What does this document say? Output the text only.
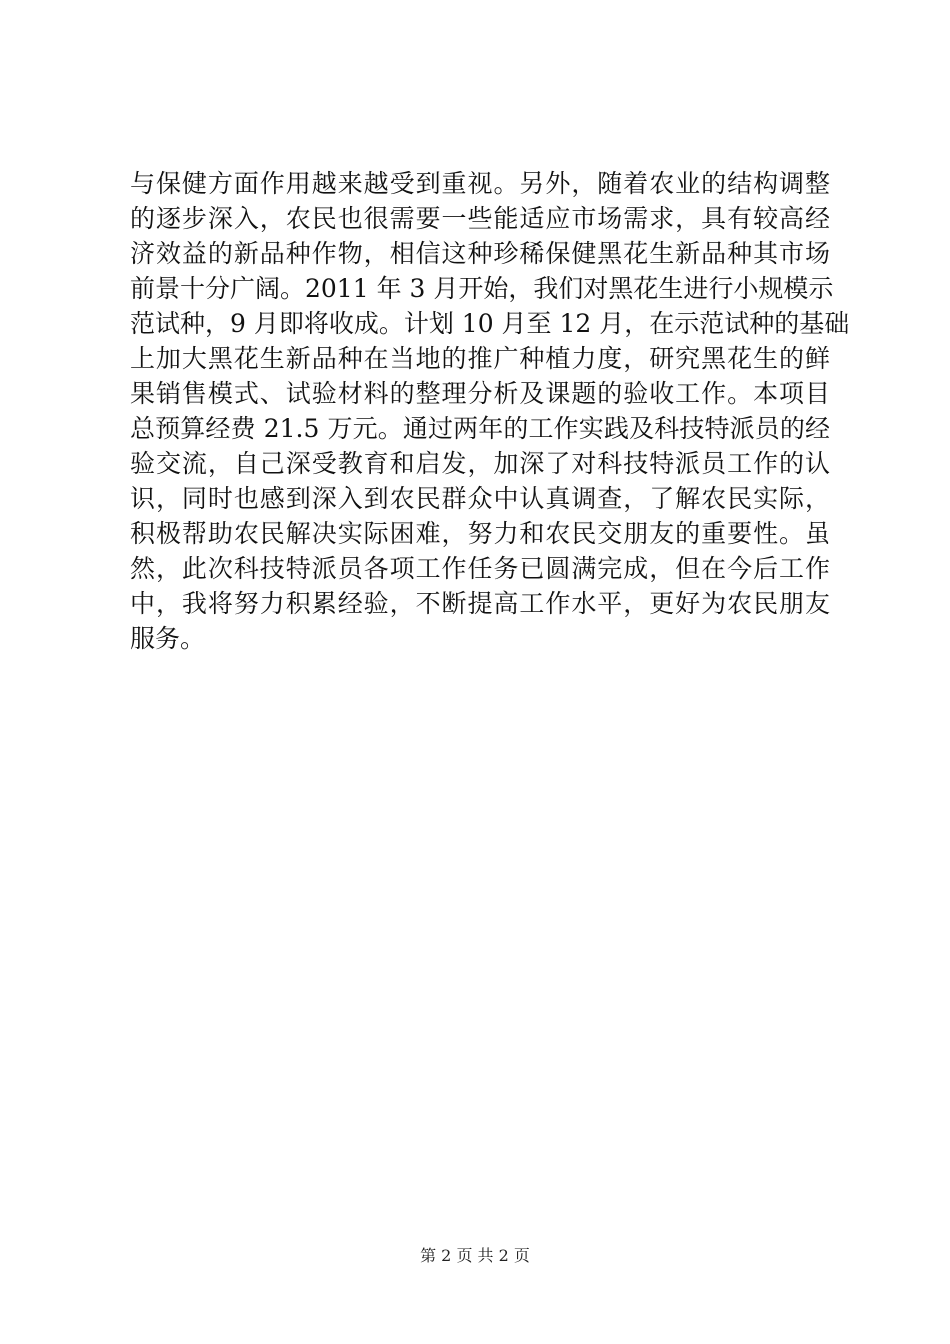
与保健方面作用越来越受到重视。另外，随着农业的结构调整
的逐步深入，农民也很需要一些能适应市场需求，具有较高经
济效益的新品种作物，相信这种珍稀保健黑花生新品种其市场
前景十分广阔。2011 年 3 月开始，我们对黑花生进行小规模示
范试种，9 月即将收成。计划 10 月至 12 月，在示范试种的基础
上加大黑花生新品种在当地的推广种植力度，研究黑花生的鲜
果销售模式、试验材料的整理分析及课题的验收工作。本项目
总预算经费 21.5 万元。通过两年的工作实践及科技特派员的经
验交流，自己深受教育和启发，加深了对科技特派员工作的认
识，同时也感到深入到农民群众中认真调查，了解农民实际，
积极帮助农民解决实际困难，努力和农民交朋友的重要性。虽
然，此次科技特派员各项工作任务已圆满完成，但在今后工作
中，我将努力积累经验，不断提高工作水平，更好为农民朋友
服务。
第 2 页 共 2 页
